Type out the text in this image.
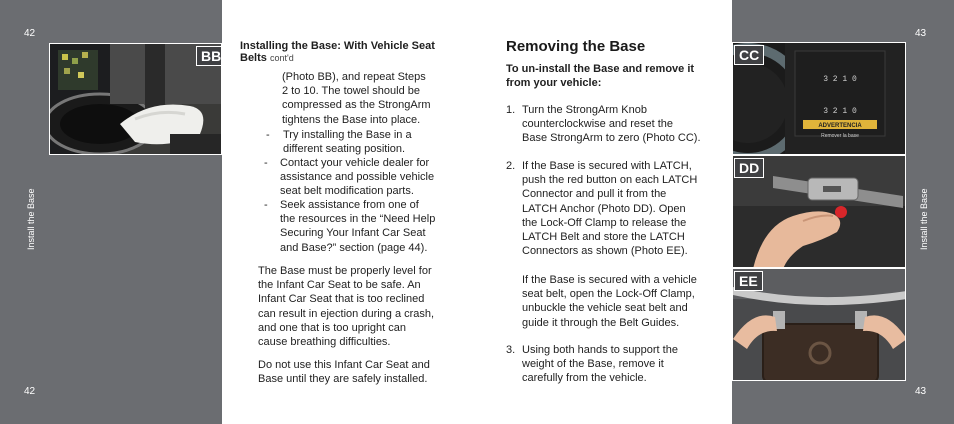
42
Install the Base
42
BB
43
Install the Base
43
3 2 1 0
3 2 1 0
ADVERTENCIA
Remover la base
CC
DD
EE
Installing the Base: With Vehicle Seat Belts cont'd
(Photo BB), and repeat Steps
2 to 10. The towel should be
compressed as the StrongArm
tightens the Base into place.
- Try installing the Base in a
different seating position.
- Contact your vehicle dealer for
assistance and possible vehicle
seat belt modification parts.
- Seek assistance from one of
the resources in the “Need Help
Securing Your Infant Car Seat
and Base?” section (page 44).
The Base must be properly level for
the Infant Car Seat to be safe. An
Infant Car Seat that is too reclined
can result in ejection during a crash,
and one that is too upright can
cause breathing difficulties.
Do not use this Infant Car Seat and
Base until they are safely installed.
Removing the Base
To un-install the Base and remove it
from your vehicle:
1. Turn the StrongArm Knob
counterclockwise and reset the
Base StrongArm to zero (Photo CC).
2. If the Base is secured with LATCH,
push the red button on each LATCH
Connector and pull it from the
LATCH Anchor (Photo DD). Open
the Lock-Off Clamp to release the
LATCH Belt and store the LATCH
Connectors as shown (Photo EE).
If the Base is secured with a vehicle
seat belt, open the Lock-Off Clamp,
unbuckle the vehicle seat belt and
guide it through the Belt Guides.
3. Using both hands to support the
weight of the Base, remove it
carefully from the vehicle.
